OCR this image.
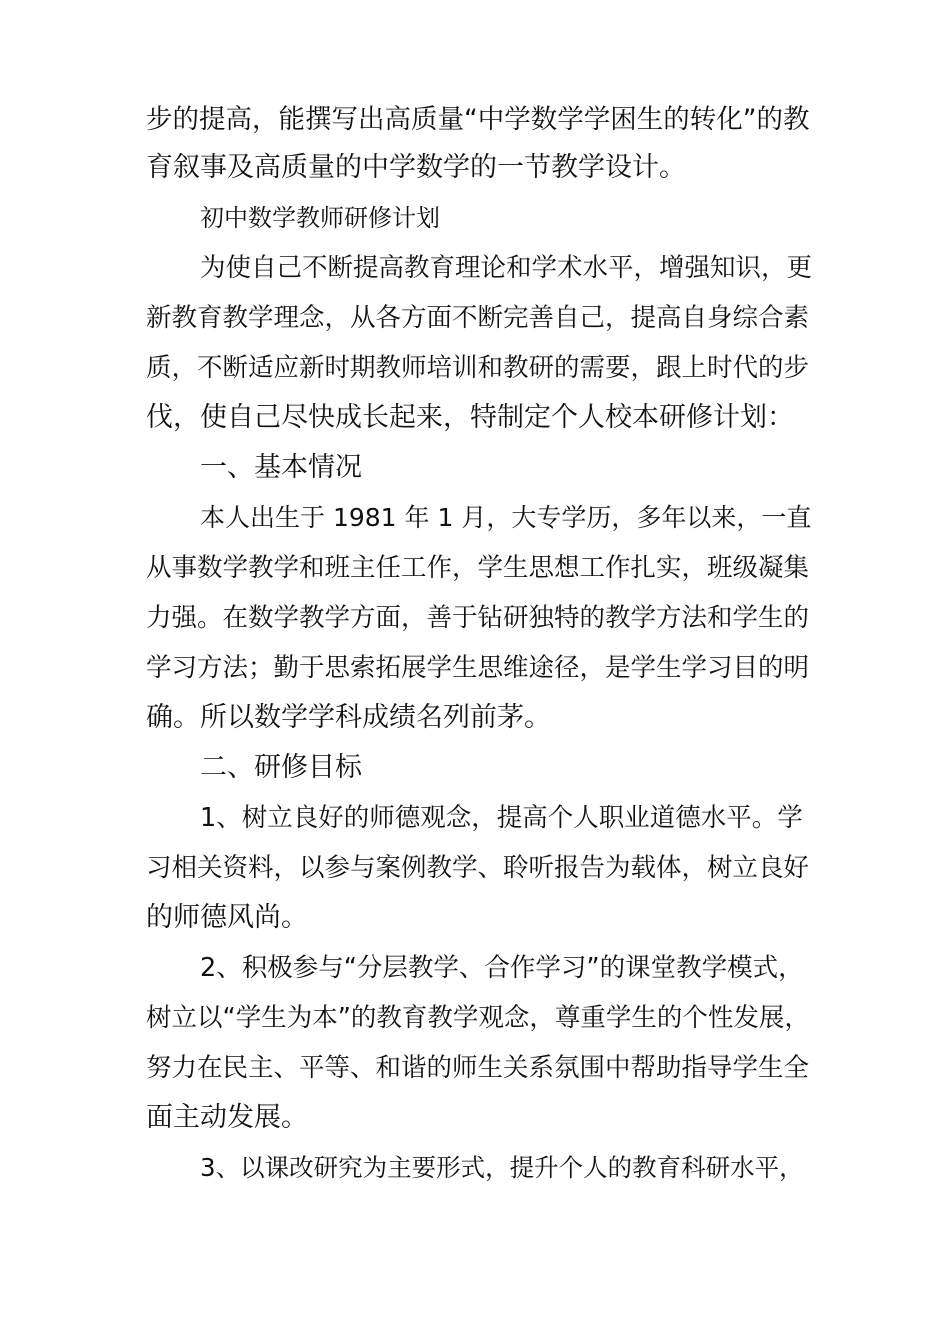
步的提高，能撰写出高质量“中学数学学困生的转化”的教

育叙事及高质量的中学数学的一节教学设计。

初中数学教师研修计划

为使自己不断提高教育理论和学术水平，增强知识，更

新教育教学理念，从各方面不断完善自己，提高自身综合素

质，不断适应新时期教师培训和教研的需要，跟上时代的步

伐，使自己尽快成长起来，特制定个人校本研修计划：

一、基本情况

本人出生于 1981 年 1 月，大专学历，多年以来，一直

从事数学教学和班主任工作，学生思想工作扎实，班级凝集

力强。在数学教学方面，善于钻研独特的教学方法和学生的

学习方法；勤于思索拓展学生思维途径，是学生学习目的明

确。所以数学学科成绩名列前茅。

二、研修目标

1、树立良好的师德观念，提高个人职业道德水平。学

习相关资料，以参与案例教学、聆听报告为载体，树立良好

的师德风尚。

2、积极参与“分层教学、合作学习”的课堂教学模式，

树立以“学生为本”的教育教学观念，尊重学生的个性发展，

努力在民主、平等、和谐的师生关系氛围中帮助指导学生全

面主动发展。

3、以课改研究为主要形式，提升个人的教育科研水平，
